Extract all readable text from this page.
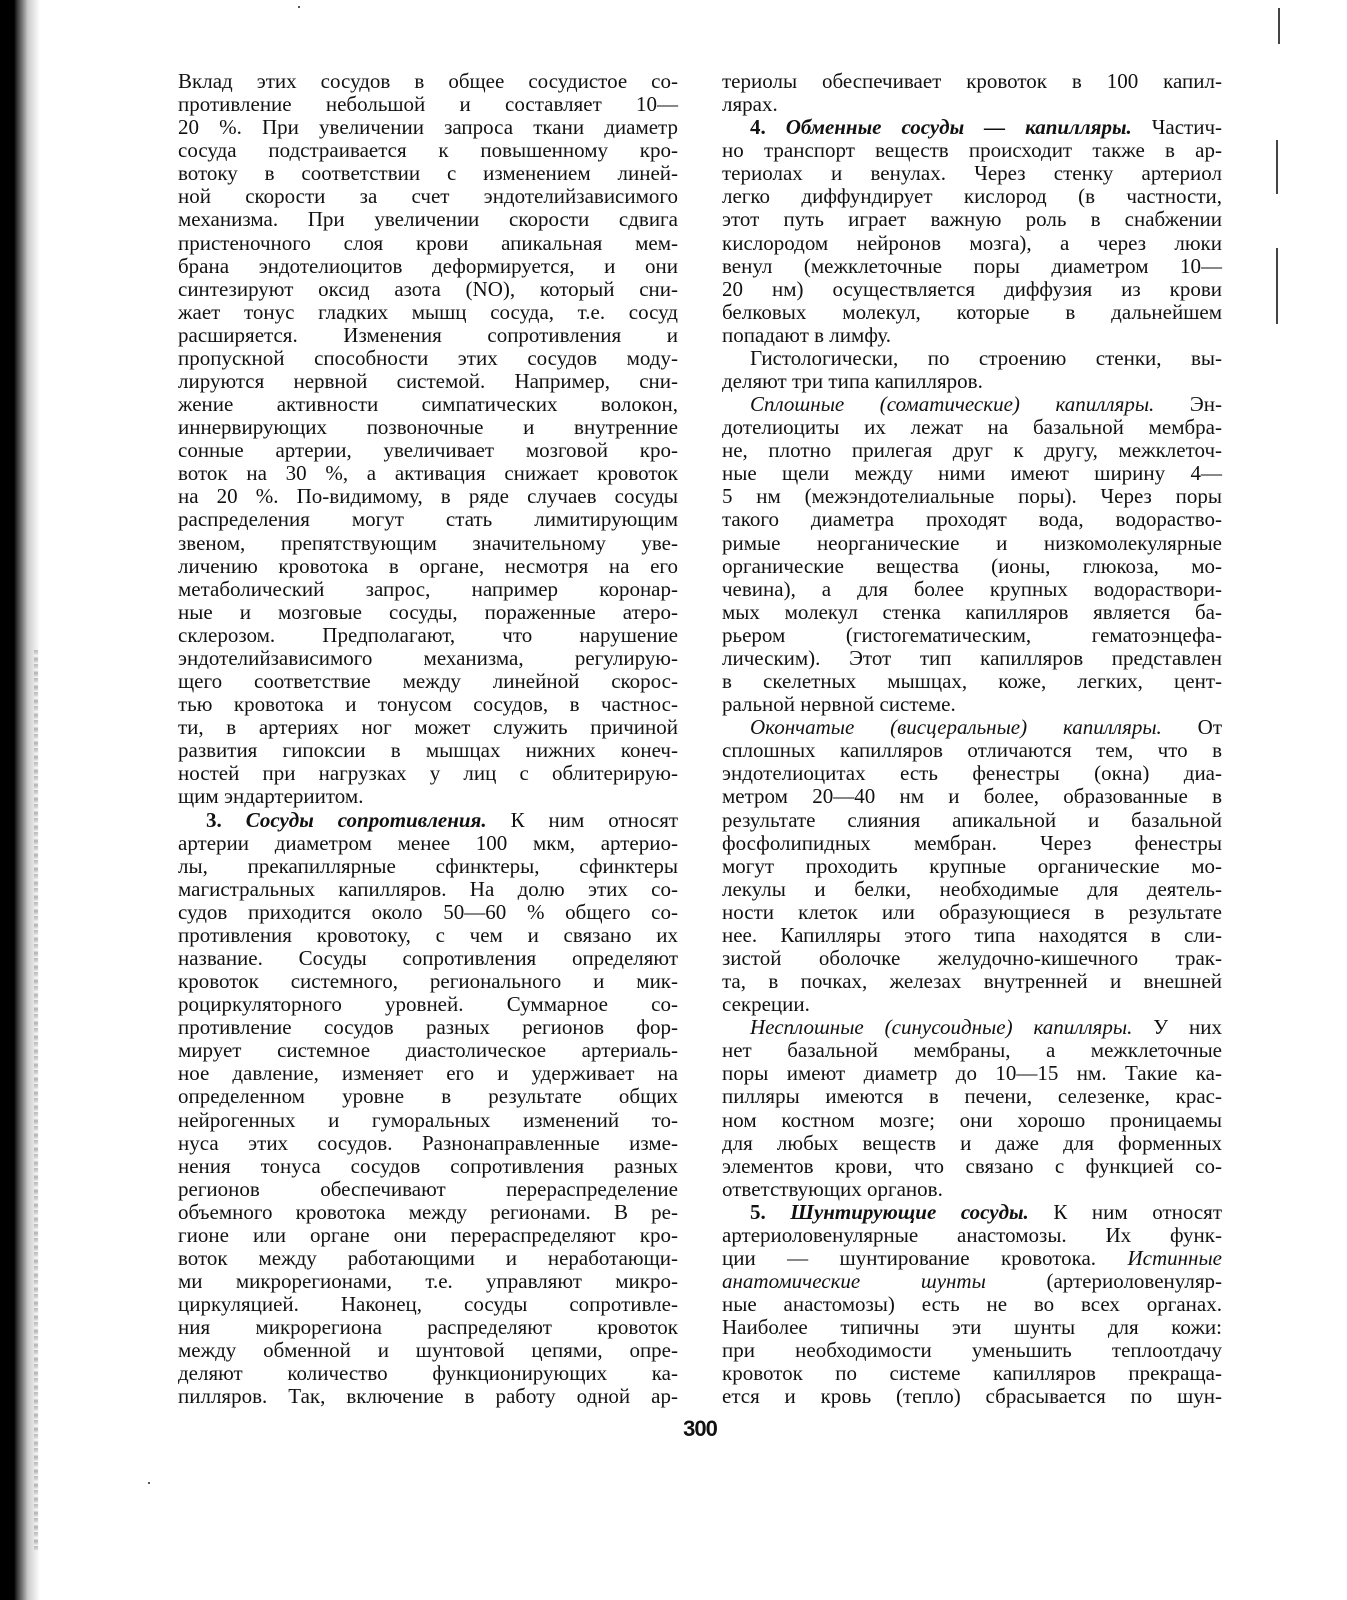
Вклад этих сосудов в общее сосудистое со-
противление небольшой и составляет 10—
20 %. При увеличении запроса ткани диаметр
сосуда подстраивается к повышенному кро-
вотоку в соответствии с изменением линей-
ной скорости за счет эндотелийзависимого
механизма. При увеличении скорости сдвига
пристеночного слоя крови апикальная мем-
брана эндотелиоцитов деформируется, и они
синтезируют оксид азота (NO), который сни-
жает тонус гладких мышц сосуда, т.е. сосуд
расширяется. Изменения сопротивления и
пропускной способности этих сосудов моду-
лируются нервной системой. Например, сни-
жение активности симпатических волокон,
иннервирующих позвоночные и внутренние
сонные артерии, увеличивает мозговой кро-
воток на 30 %, а активация снижает кровоток
на 20 %. По-видимому, в ряде случаев сосуды
распределения могут стать лимитирующим
звеном, препятствующим значительному уве-
личению кровотока в органе, несмотря на его
метаболический запрос, например коронар-
ные и мозговые сосуды, пораженные атеро-
склерозом. Предполагают, что нарушение
эндотелийзависимого механизма, регулирую-
щего соответствие между линейной скорос-
тью кровотока и тонусом сосудов, в частнос-
ти, в артериях ног может служить причиной
развития гипоксии в мышцах нижних конеч-
ностей при нагрузках у лиц с облитерирую-
щим эндартериитом.
3. Сосуды сопротивления. К ним относят
артерии диаметром менее 100 мкм, артерио-
лы, прекапиллярные сфинктеры, сфинктеры
магистральных капилляров. На долю этих со-
судов приходится около 50—60 % общего со-
противления кровотоку, с чем и связано их
название. Сосуды сопротивления определяют
кровоток системного, регионального и мик-
роциркуляторного уровней. Суммарное со-
противление сосудов разных регионов фор-
мирует системное диастолическое артериаль-
ное давление, изменяет его и удерживает на
определенном уровне в результате общих
нейрогенных и гуморальных изменений то-
нуса этих сосудов. Разнонаправленные изме-
нения тонуса сосудов сопротивления разных
регионов обеспечивают перераспределение
объемного кровотока между регионами. В ре-
гионе или органе они перераспределяют кро-
воток между работающими и неработающи-
ми микрорегионами, т.е. управляют микро-
циркуляцией. Наконец, сосуды сопротивле-
ния микрорегиона распределяют кровоток
между обменной и шунтовой цепями, опре-
деляют количество функционирующих ка-
пилляров. Так, включение в работу одной ар-
териолы обеспечивает кровоток в 100 капил-
лярах.
4. Обменные сосуды — капилляры. Частич-
но транспорт веществ происходит также в ар-
териолах и венулах. Через стенку артериол
легко диффундирует кислород (в частности,
этот путь играет важную роль в снабжении
кислородом нейронов мозга), а через люки
венул (межклеточные поры диаметром 10—
20 нм) осуществляется диффузия из крови
белковых молекул, которые в дальнейшем
попадают в лимфу.
Гистологически, по строению стенки, вы-
деляют три типа капилляров.
Сплошные (соматические) капилляры. Эн-
дотелиоциты их лежат на базальной мембра-
не, плотно прилегая друг к другу, межклеточ-
ные щели между ними имеют ширину 4—
5 нм (межэндотелиальные поры). Через поры
такого диаметра проходят вода, водораство-
римые неорганические и низкомолекулярные
органические вещества (ионы, глюкоза, мо-
чевина), а для более крупных водораствори-
мых молекул стенка капилляров является ба-
рьером (гистогематическим, гематоэнцефа-
лическим). Этот тип капилляров представлен
в скелетных мышцах, коже, легких, цент-
ральной нервной системе.
Окончатые (висцеральные) капилляры. От
сплошных капилляров отличаются тем, что в
эндотелиоцитах есть фенестры (окна) диа-
метром 20—40 нм и более, образованные в
результате слияния апикальной и базальной
фосфолипидных мембран. Через фенестры
могут проходить крупные органические мо-
лекулы и белки, необходимые для деятель-
ности клеток или образующиеся в результате
нее. Капилляры этого типа находятся в сли-
зистой оболочке желудочно-кишечного трак-
та, в почках, железах внутренней и внешней
секреции.
Несплошные (синусоидные) капилляры. У них
нет базальной мембраны, а межклеточные
поры имеют диаметр до 10—15 нм. Такие ка-
пилляры имеются в печени, селезенке, крас-
ном костном мозге; они хорошо проницаемы
для любых веществ и даже для форменных
элементов крови, что связано с функцией со-
ответствующих органов.
5. Шунтирующие сосуды. К ним относят
артериоловенулярные анастомозы. Их функ-
ции — шунтирование кровотока. Истинные
анатомические шунты	(артериоловенуляр-
ные анастомозы) есть не во всех органах.
Наиболее типичны эти шунты для кожи:
при необходимости уменьшить теплоотдачу
кровоток по системе капилляров прекраща-
ется и кровь (тепло) сбрасывается по шун-
300
